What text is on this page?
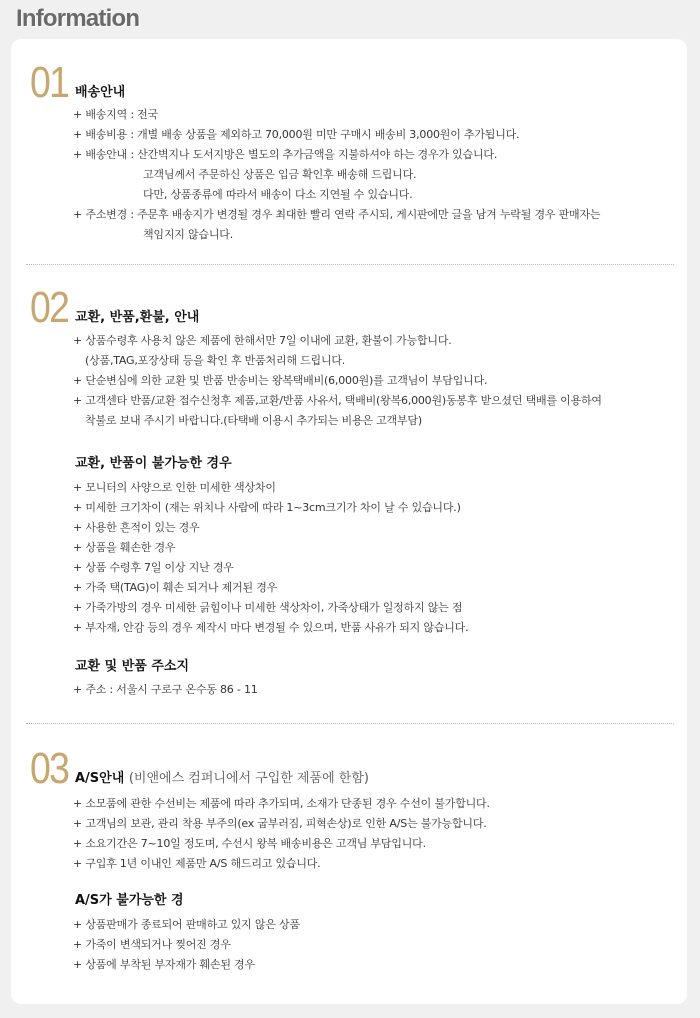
Information
01 배송안내
+ 배송지역 : 전국
+ 배송비용 : 개별 배송 상품을 제외하고 70,000원 미만 구매시 배송비 3,000원이 추가됩니다.
+ 배송안내 : 산간벽지나 도서지방은 별도의 추가금액을 지불하셔야 하는 경우가 있습니다.
고객님께서 주문하신 상품은 입금 확인후 배송해 드립니다.
다만, 상품종류에 따라서 배송이 다소 지연될 수 있습니다.
+ 주소변경 : 주문후 배송지가 변경될 경우 최대한 빨리 연락 주시되, 게시판에만 글을 남겨 누락될 경우 판매자는
책임지지 않습니다.
02 교환, 반품,환불, 안내
+ 상품수령후 사용치 않은 제품에 한해서만 7일 이내에 교환, 환불이 가능합니다.
(상품,TAG,포장상태 등을 확인 후 반품처리해 드립니다.
+ 단순변심에 의한 교환 및 반품 반송비는 왕복택배비(6,000원)를 고객님이 부담입니다.
+ 고객센타 반품/교환 접수신청후 제품,교환/반품 사유서, 택배비(왕복6,000원)동봉후 받으셨던 택배를 이용하여
착불로 보내 주시기 바랍니다.(타택배 이용시 추가되는 비용은 고객부담)
교환, 반품이 불가능한 경우
+ 모니터의 사양으로 인한 미세한 색상차이
+ 미세한 크기차이 (재는 위치나 사람에 따라 1~3cm크기가 차이 날 수 있습니다.)
+ 사용한 흔적이 있는 경우
+ 상품을 훼손한 경우
+ 상품 수령후 7일 이상 지난 경우
+ 가죽 택(TAG)이 훼손 되거나 제거된 경우
+ 가죽가방의 경우 미세한 긁힘이나 미세한 색상차이, 가죽상태가 일정하지 않는 점
+ 부자재, 안감 등의 경우 제작시 마다 변경될 수 있으며, 반품 사유가 되지 않습니다.
교환 및 반품 주소지
+ 주소 : 서울시 구로구 온수동 86 - 11
03 A/S안내 (비앤에스 컴퍼니에서 구입한 제품에 한함)
+ 소모품에 관한 수선비는 제품에 따라 추가되며, 소재가 단종된 경우 수선이 불가합니다.
+ 고객님의 보관, 관리 착용 부주의(ex 굽부러짐, 피혁손상)로 인한 A/S는 불가능합니다.
+ 소요기간은 7~10일 정도며, 수선시 왕복 배송비용은 고객님 부담입니다.
+ 구입후 1년 이내인 제품만 A/S 해드리고 있습니다.
A/S가 불가능한 경
+ 상품판매가 종료되어 판매하고 있지 않은 상품
+ 가죽이 변색되거나 찢어진 경우
+ 상품에 부착된 부자재가 훼손된 경우
